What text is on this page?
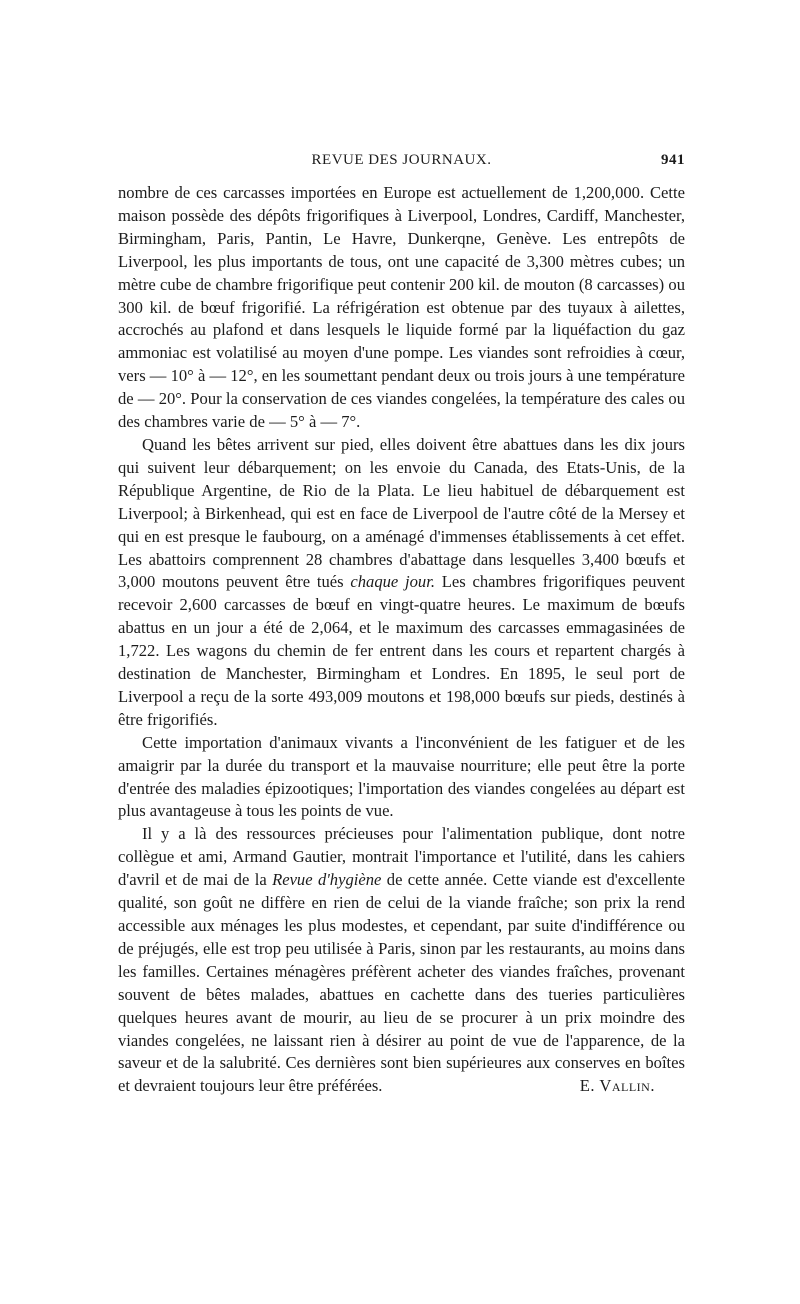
REVUE DES JOURNAUX.	941

nombre de ces carcasses importées en Europe est actuellement de 1,200,000. Cette maison possède des dépôts frigorifiques à Liverpool, Londres, Cardiff, Manchester, Birmingham, Paris, Pantin, Le Havre, Dunkerqne, Genève. Les entrepôts de Liverpool, les plus importants de tous, ont une capacité de 3,300 mètres cubes; un mètre cube de chambre frigorifique peut contenir 200 kil. de mouton (8 carcasses) ou 300 kil. de bœuf frigorifié. La réfrigération est obtenue par des tuyaux à ailettes, accrochés au plafond et dans lesquels le liquide formé par la liquéfaction du gaz ammoniac est volatilisé au moyen d'une pompe. Les viandes sont refroidies à cœur, vers — 10° à — 12°, en les soumettant pendant deux ou trois jours à une température de — 20°. Pour la conservation de ces viandes congelées, la température des cales ou des chambres varie de — 5° à — 7°.

Quand les bêtes arrivent sur pied, elles doivent être abattues dans les dix jours qui suivent leur débarquement; on les envoie du Canada, des Etats-Unis, de la République Argentine, de Rio de la Plata. Le lieu habituel de débarquement est Liverpool; à Birkenhead, qui est en face de Liverpool de l'autre côté de la Mersey et qui en est presque le faubourg, on a aménagé d'immenses établissements à cet effet. Les abattoirs comprennent 28 chambres d'abattage dans lesquelles 3,400 bœufs et 3,000 moutons peuvent être tués chaque jour. Les chambres frigorifiques peuvent recevoir 2,600 carcasses de bœuf en vingt-quatre heures. Le maximum de bœufs abattus en un jour a été de 2,064, et le maximum des carcasses emmagasinées de 1,722. Les wagons du chemin de fer entrent dans les cours et repartent chargés à destination de Manchester, Birmingham et Londres. En 1895, le seul port de Liverpool a reçu de la sorte 493,009 moutons et 198,000 bœufs sur pieds, destinés à être frigorifiés.

Cette importation d'animaux vivants a l'inconvénient de les fatiguer et de les amaigrir par la durée du transport et la mauvaise nourriture; elle peut être la porte d'entrée des maladies épizootiques; l'importation des viandes congelées au départ est plus avantageuse à tous les points de vue.

Il y a là des ressources précieuses pour l'alimentation publique, dont notre collègue et ami, Armand Gautier, montrait l'importance et l'utilité, dans les cahiers d'avril et de mai de la Revue d'hygiène de cette année. Cette viande est d'excellente qualité, son goût ne diffère en rien de celui de la viande fraîche; son prix la rend accessible aux ménages les plus modestes, et cependant, par suite d'indifférence ou de préjugés, elle est trop peu utilisée à Paris, sinon par les restaurants, au moins dans les familles. Certaines ménagères préfèrent acheter des viandes fraîches, provenant souvent de bêtes malades, abattues en cachette dans des tueries particulières quelques heures avant de mourir, au lieu de se procurer à un prix moindre des viandes congelées, ne laissant rien à désirer au point de vue de l'apparence, de la saveur et de la salubrité. Ces dernières sont bien supérieures aux conserves en boîtes et devraient toujours leur être préférées.	E. Vallin.
